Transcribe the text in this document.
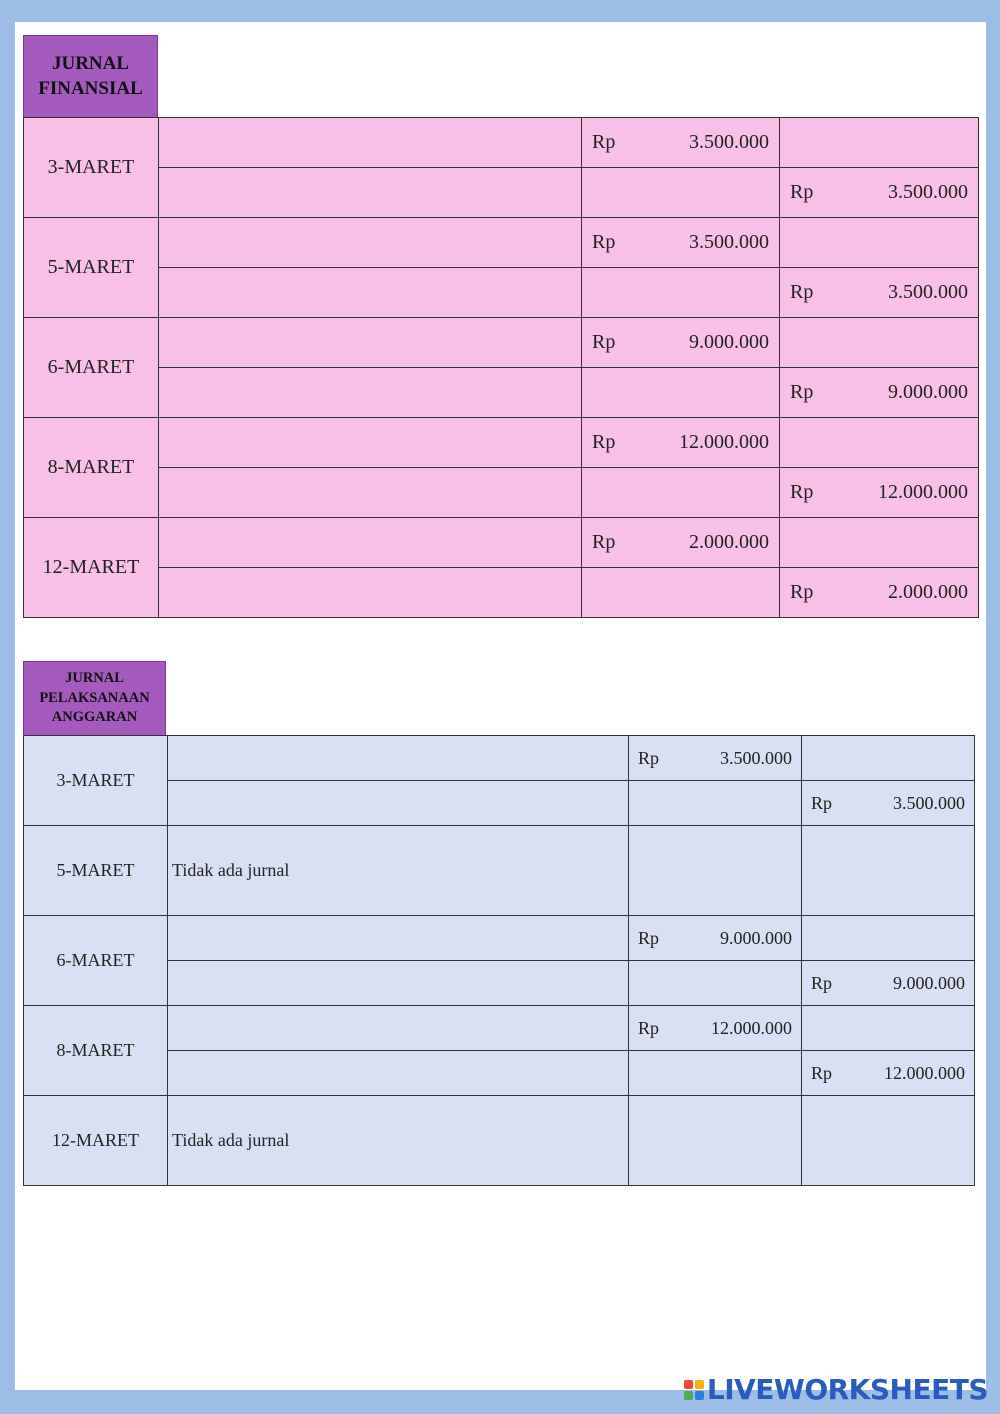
JURNAL
FINANSIAL
3-MARET		Rp 3.500.000	

			Rp 3.500.000

5-MARET		Rp 3.500.000	

			Rp 3.500.000

6-MARET		Rp 9.000.000	

			Rp 9.000.000

8-MARET		Rp 12.000.000	

			Rp 12.000.000

12-MARET		Rp 2.000.000	

			Rp 2.000.000
JURNAL
PELAKSANAAN
ANGGARAN
3-MARET		Rp 3.500.000	

			Rp 3.500.000

5-MARET	Tidak ada jurnal		
6-MARET		Rp 9.000.000	

			Rp 9.000.000

8-MARET		Rp 12.000.000	

			Rp 12.000.000

12-MARET	Tidak ada jurnal		
LIVEWORKSHEETS
